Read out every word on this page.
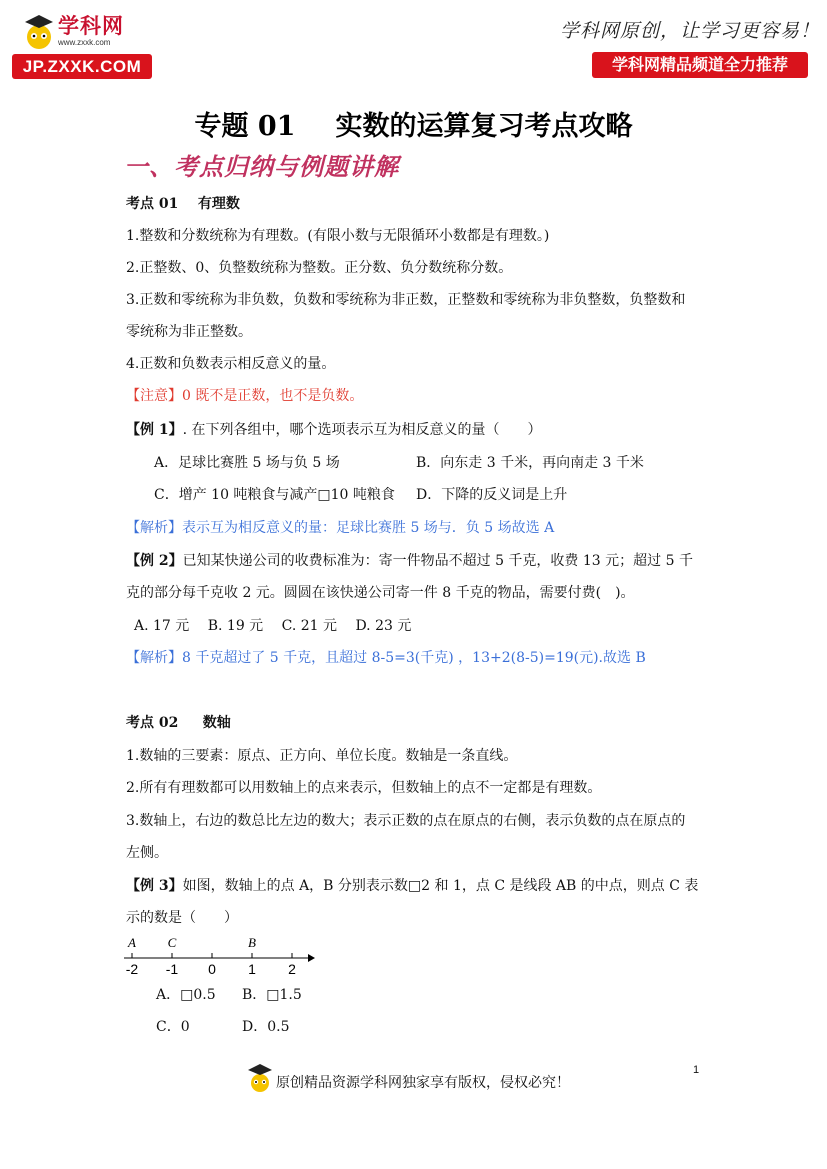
学科网
www.zxxk.com
JP.ZXXK.COM
学科网原创，让学习更容易！
学科网精品频道全力推荐
专题 01 实数的运算复习考点攻略
一、考点归纳与例题讲解
考点 01 有理数
1.整数和分数统称为有理数。(有限小数与无限循环小数都是有理数。)
2.正整数、0、负整数统称为整数。正分数、负分数统称分数。
3.正数和零统称为非负数，负数和零统称为非正数，正整数和零统称为非负整数，负整数和
零统称为非正整数。
4.正数和负数表示相反意义的量。
【注意】0 既不是正数，也不是负数。
【例 1】. 在下列各组中，哪个选项表示互为相反意义的量（　　）
A．足球比赛胜 5 场与负 5 场	B．向东走 3 千米，再向南走 3 千米
C．增产 10 吨粮食与减产□10 吨粮食 D．下降的反义词是上升
【解析】表示互为相反意义的量：足球比赛胜 5 场与．负 5 场故选 A
【例 2】已知某快递公司的收费标准为：寄一件物品不超过 5 千克，收费 13 元；超过 5 千
克的部分每千克收 2 元。圆圆在该快递公司寄一件 8 千克的物品，需要付费(　)。
A. 17 元　 B. 19 元　 C. 21 元　 D. 23 元
【解析】8 千克超过了 5 千克，且超过 8-5=3(千克) ，13+2(8-5)=19(元).故选 B
考点 02 数轴
1.数轴的三要素：原点、正方向、单位长度。数轴是一条直线。
2.所有有理数都可以用数轴上的点来表示，但数轴上的点不一定都是有理数。
3.数轴上，右边的数总比左边的数大；表示正数的点在原点的右侧，表示负数的点在原点的
左侧。
【例 3】如图，数轴上的点 A，B 分别表示数□2 和 1，点 C 是线段 AB 的中点，则点 C 表
示的数是（　　）
-2 -1 0 1 2
A C	B
A．□0.5 B．□1.5
C．0	D．0.5
原创精品资源学科网独家享有版权，侵权必究！
1
